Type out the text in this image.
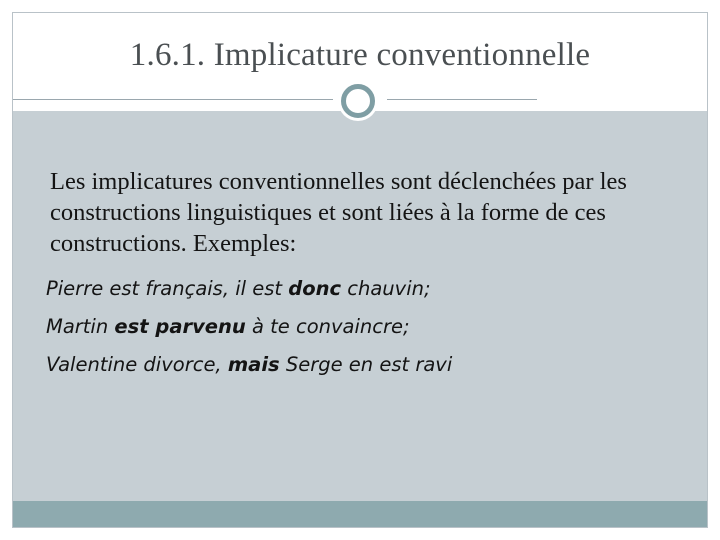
1.6.1. Implicature conventionnelle
Les implicatures conventionnelles sont déclenchées par les constructions linguistiques et sont liées à la forme de ces constructions. Exemples:
Pierre est français, il est donc chauvin;
Martin est parvenu à te convaincre;
Valentine divorce, mais Serge en est ravi
